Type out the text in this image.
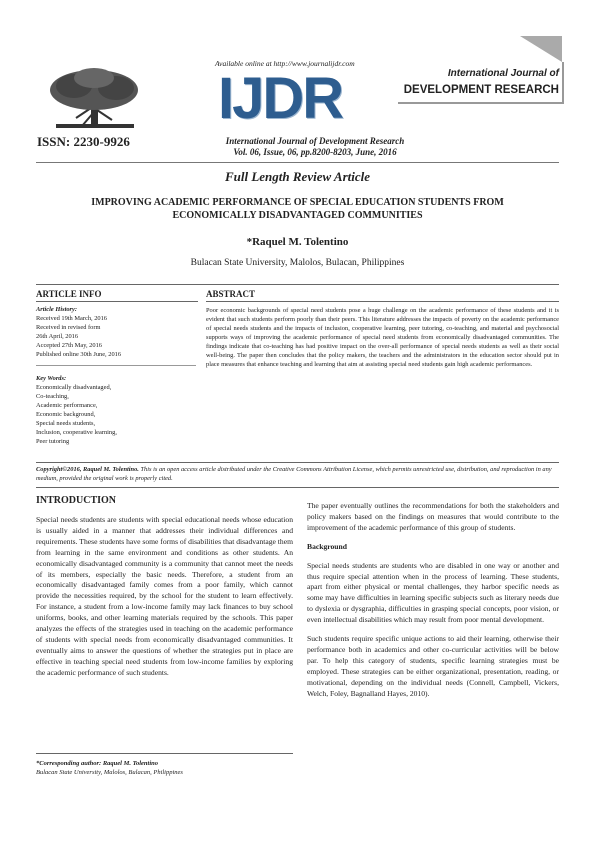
Available online at http://www.journalijdr.com
IJDR	International Journal of
DEVELOPMENT RESEARCH
ISSN: 2230-9926	International Journal of Development Research
Vol. 06, Issue, 06, pp.8200-8203, June, 2016
Full Length Review Article
IMPROVING ACADEMIC PERFORMANCE OF SPECIAL EDUCATION STUDENTS FROM
ECONOMICALLY DISADVANTAGED COMMUNITIES
*Raquel M. Tolentino
Bulacan State University, Malolos, Bulacan, Philippines
ARTICLE INFO	ABSTRACT
Article History:
Received 19th March, 2016
Received in revised form
26th April, 2016
Accepted 27th May, 2016
Published online 30th June, 2016
Key Words:
Economically disadvantaged,
Co-teaching,
Academic performance,
Economic background,
Special needs students,
Inclusion, cooperative learning,
Peer tutoring
Poor economic backgrounds of special need students pose a huge challenge on the academic performance of these students and it is evident that such students perform poorly than their peers. This literature addresses the impacts of poverty on the academic performance of special needs students and the impacts of inclusion, cooperative learning, peer tutoring, co-teaching, and material and psychosocial supports ways of improving the academic performance of special need students from economically disadvantaged communities. The findings indicate that co-teaching has had positive impact on the over-all performance of special needs students as well as their social well-being. The paper then concludes that the policy makers, the teachers and the administrators in the education sector should put in place measures that enhance teaching and learning that aim at assisting special need students gain high academic performances.
Copyright©2016, Raquel M. Tolentino. This is an open access article distributed under the Creative Commons Attribution License, which permits unrestricted use, distribution, and reproduction in any medium, provided the original work is properly cited.
INTRODUCTION

Special needs students are students with special educational needs whose education is usually aided in a manner that addresses their individual differences and requirements. These students have some forms of disabilities that disadvantage them from learning in the same environment and conditions as other students. An economically disadvantaged community is a community that cannot meet the needs of its members, especially the basic needs. Therefore, a student from an economically disadvantaged family comes from a poor family, which cannot provide the necessities required, by the school for the student to learn effectively. For instance, a student from a low-income family may lack finances to buy school uniforms, books, and other learning materials required by the schools. This paper analyzes the effects of the strategies used in teaching on the academic performance of students with special needs from economically disadvantaged communities. It eventually aims to answer the questions of whether the strategies put in place are effective in teaching special need students from low-income families by exploring the academic performance of such students.

The paper eventually outlines the recommendations for both the stakeholders and policy makers based on the findings on measures that would contribute to the improvement of the academic performance of this group of students.

Background

Special needs students are students who are disabled in one way or another and thus require special attention when in the process of learning. These students, apart from either physical or mental challenges, they harbor specific needs as some may have difficulties in learning specific subjects such as literary needs due to dyslexia or dysgraphia, difficulties in grasping special concepts, poor vision, or even intellectual disabilities which may result from poor mental development.

Such students require specific unique actions to aid their learning, otherwise their performance both in academics and other co-curricular activities will be below par. To help this category of students, specific learning strategies must be employed. These strategies can be either organizational, presentation, reading, or motivational, depending on the individual needs (Connell, Campbell, Vickers, Welch, Foley, Bagnalland Hayes, 2010).

*Corresponding author: Raquel M. Tolentino
Bulacan State University, Malolos, Bulacan, Philippines
